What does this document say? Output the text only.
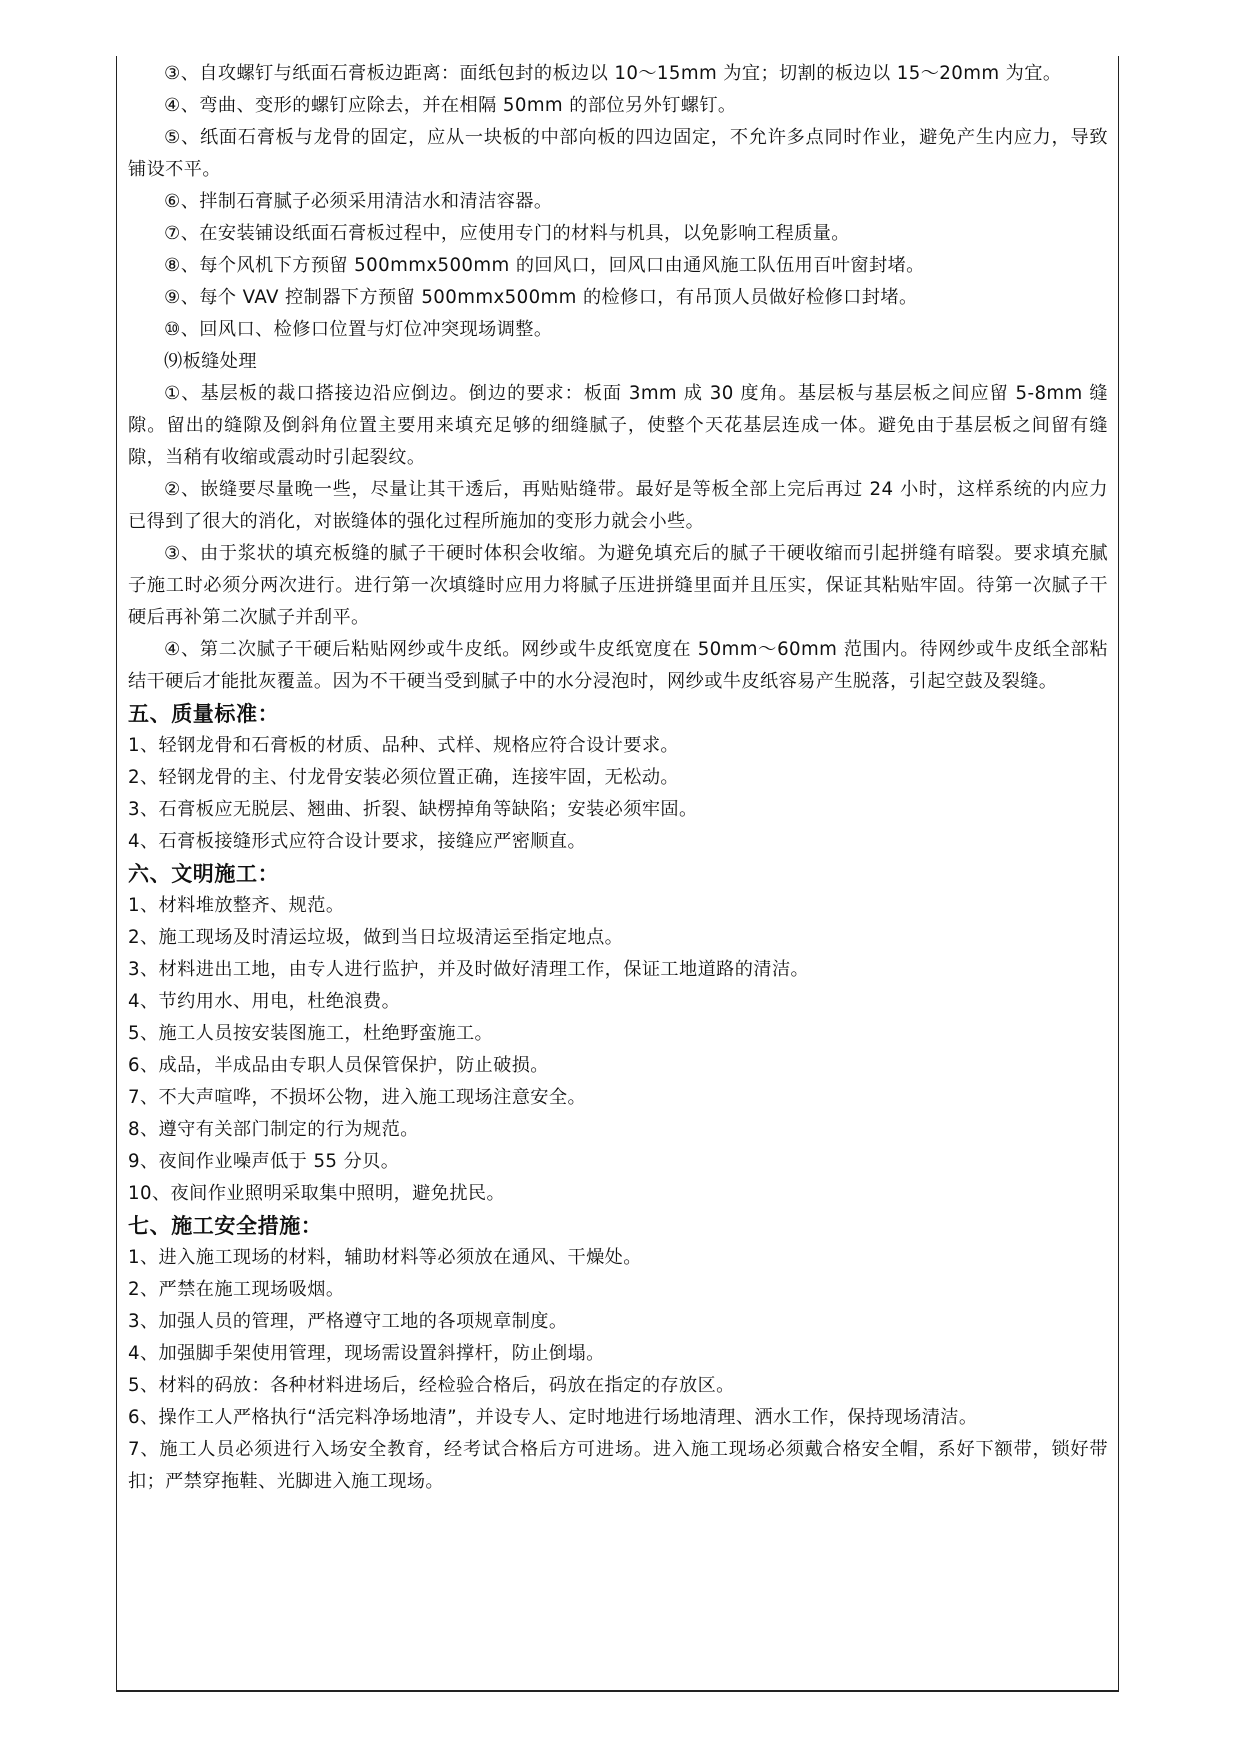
③、自攻螺钉与纸面石膏板边距离：面纸包封的板边以 10～15mm 为宜；切割的板边以 15～20mm 为宜。

④、弯曲、变形的螺钉应除去，并在相隔 50mm 的部位另外钉螺钉。

⑤、纸面石膏板与龙骨的固定，应从一块板的中部向板的四边固定，不允许多点同时作业，避免产生内应力，导致铺设不平。

⑥、拌制石膏腻子必须采用清洁水和清洁容器。

⑦、在安装铺设纸面石膏板过程中，应使用专门的材料与机具，以免影响工程质量。

⑧、每个风机下方预留 500mmx500mm 的回风口，回风口由通风施工队伍用百叶窗封堵。

⑨、每个 VAV 控制器下方预留 500mmx500mm 的检修口，有吊顶人员做好检修口封堵。

⑩、回风口、检修口位置与灯位冲突现场调整。

⑼板缝处理

①、基层板的裁口搭接边沿应倒边。倒边的要求：板面 3mm 成 30 度角。基层板与基层板之间应留 5-8mm 缝隙。留出的缝隙及倒斜角位置主要用来填充足够的细缝腻子，使整个天花基层连成一体。避免由于基层板之间留有缝隙，当稍有收缩或震动时引起裂纹。

②、嵌缝要尽量晚一些，尽量让其干透后，再贴贴缝带。最好是等板全部上完后再过 24 小时，这样系统的内应力已得到了很大的消化，对嵌缝体的强化过程所施加的变形力就会小些。

③、由于浆状的填充板缝的腻子干硬时体积会收缩。为避免填充后的腻子干硬收缩而引起拼缝有暗裂。要求填充腻子施工时必须分两次进行。进行第一次填缝时应用力将腻子压进拼缝里面并且压实，保证其粘贴牢固。待第一次腻子干硬后再补第二次腻子并刮平。

④、第二次腻子干硬后粘贴网纱或牛皮纸。网纱或牛皮纸宽度在 50mm～60mm 范围内。待网纱或牛皮纸全部粘结干硬后才能批灰覆盖。因为不干硬当受到腻子中的水分浸泡时，网纱或牛皮纸容易产生脱落，引起空鼓及裂缝。

五、质量标准：

1、轻钢龙骨和石膏板的材质、品种、式样、规格应符合设计要求。

2、轻钢龙骨的主、付龙骨安装必须位置正确，连接牢固，无松动。

3、石膏板应无脱层、翘曲、折裂、缺楞掉角等缺陷；安装必须牢固。

4、石膏板接缝形式应符合设计要求，接缝应严密顺直。

六、文明施工：

1、材料堆放整齐、规范。

2、施工现场及时清运垃圾，做到当日垃圾清运至指定地点。

3、材料进出工地，由专人进行监护，并及时做好清理工作，保证工地道路的清洁。

4、节约用水、用电，杜绝浪费。

5、施工人员按安装图施工，杜绝野蛮施工。

6、成品，半成品由专职人员保管保护，防止破损。

7、不大声喧哗，不损坏公物，进入施工现场注意安全。

8、遵守有关部门制定的行为规范。

9、夜间作业噪声低于 55 分贝。

10、夜间作业照明采取集中照明，避免扰民。

七、施工安全措施：

1、进入施工现场的材料，辅助材料等必须放在通风、干燥处。

2、严禁在施工现场吸烟。

3、加强人员的管理，严格遵守工地的各项规章制度。

4、加强脚手架使用管理，现场需设置斜撑杆，防止倒塌。

5、材料的码放：各种材料进场后，经检验合格后，码放在指定的存放区。

6、操作工人严格执行“活完料净场地清”，并设专人、定时地进行场地清理、洒水工作，保持现场清洁。

7、施工人员必须进行入场安全教育，经考试合格后方可进场。进入施工现场必须戴合格安全帽，系好下额带，锁好带扣；严禁穿拖鞋、光脚进入施工现场。
